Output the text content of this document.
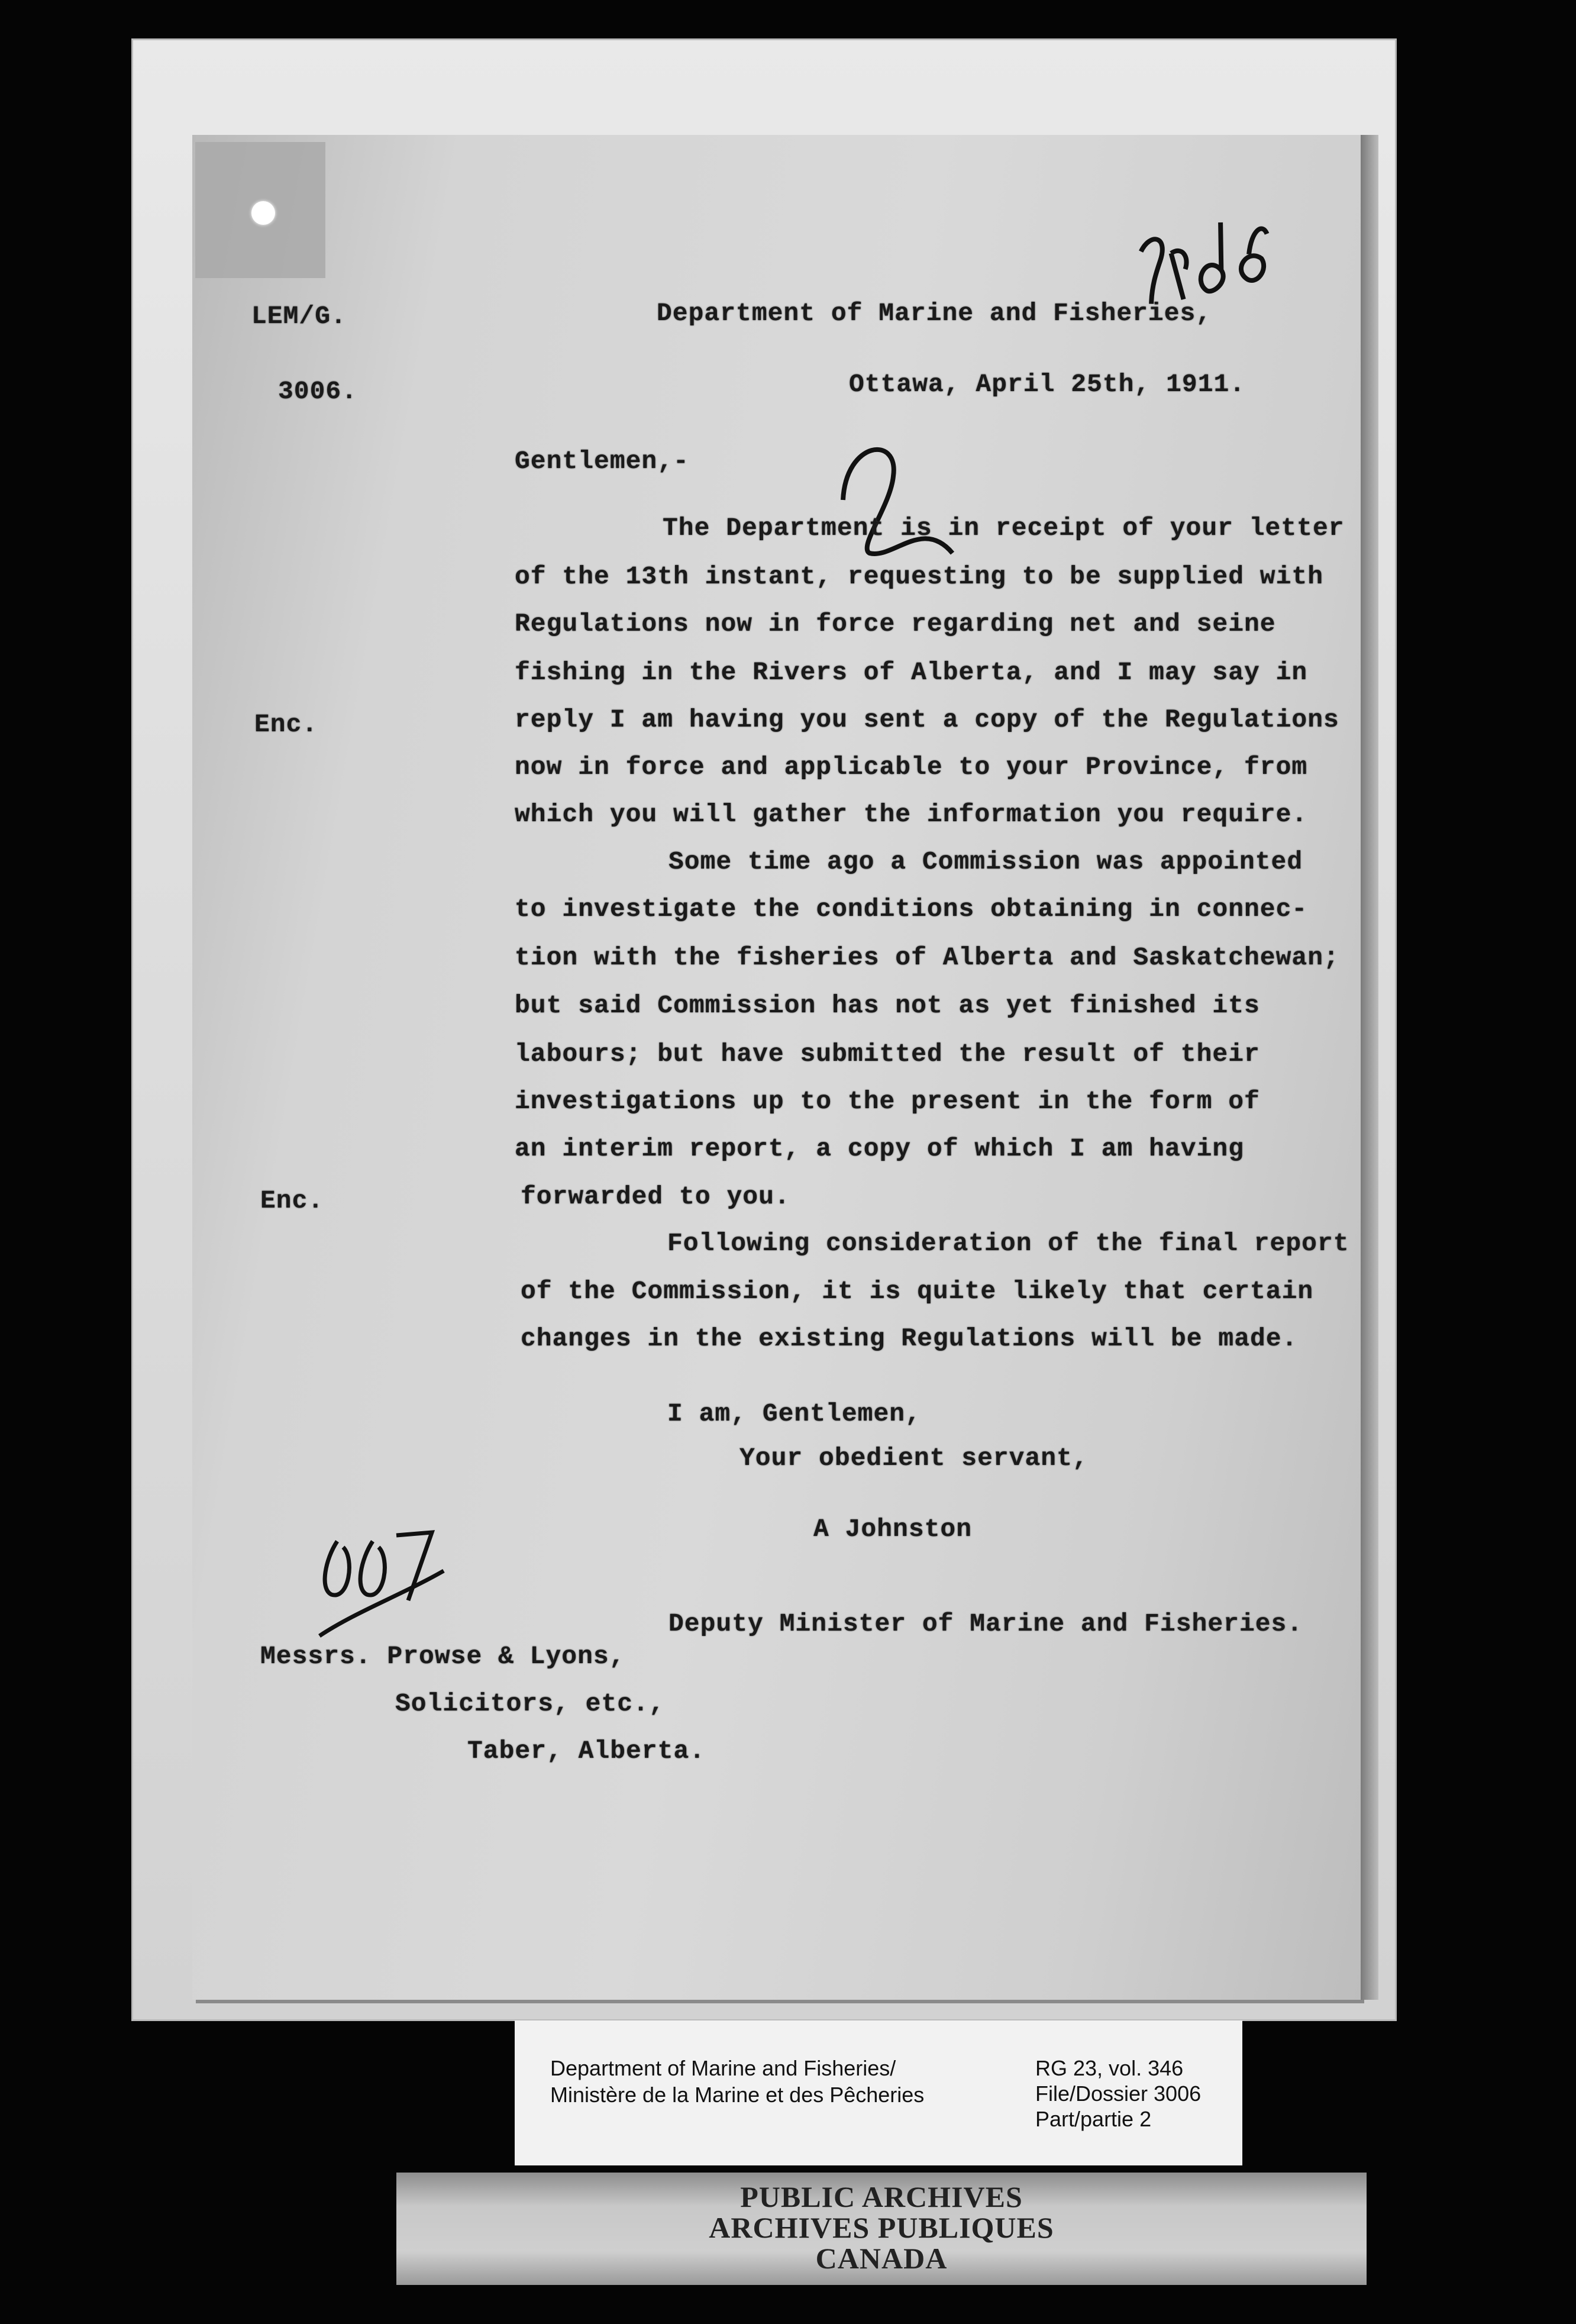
LEM/G.

3006.

Department of Marine and Fisheries,

Ottawa, April 25th, 1911.

Gentlemen,-

The Department is in receipt of your letter

of the 13th instant, requesting to be supplied with

Regulations now in force regarding net and seine

fishing in the Rivers of Alberta, and I may say in

reply I am having you sent a copy of the Regulations

now in force and applicable to your Province, from

which you will gather the information you require.

Some time ago a Commission was appointed

to investigate the conditions obtaining in connec-

tion with the fisheries of Alberta and Saskatchewan;

but said Commission has not as yet finished its

labours; but have submitted the result of their

investigations up to the present in the form of

an interim report, a copy of which I am having

forwarded to you.

Following consideration of the final report

of the Commission, it is quite likely that certain

changes in the existing Regulations will be made.

Enc.

Enc.

I am, Gentlemen,

Your obedient servant,

A Johnston

Deputy Minister of Marine and Fisheries.

Messrs. Prowse & Lyons,

Solicitors, etc.,

Taber, Alberta.

Department of Marine and Fisheries/

Ministère de la Marine et des Pêcheries

RG 23, vol. 346

File/Dossier 3006

Part/partie 2

PUBLIC ARCHIVES

ARCHIVES PUBLIQUES

CANADA
